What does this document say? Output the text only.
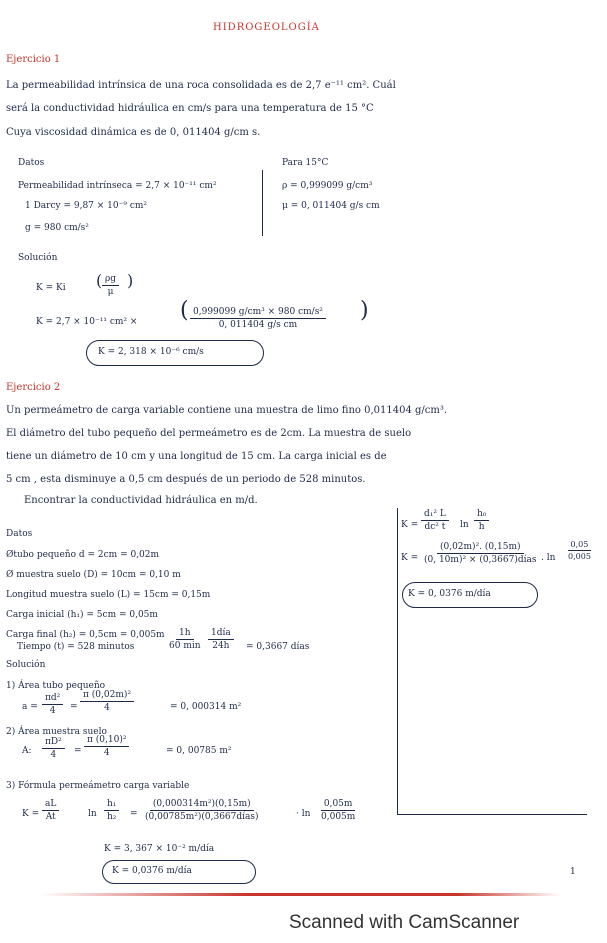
HIDROGEOLOGÍA
Ejercicio 1
La permeabilidad intrínsica de una roca consolidada es de 2,7 e⁻¹¹ cm². Cuál
será la conductividad hidráulica en cm/s para una temperatura de 15 °C
Cuya viscosidad dinámica es de 0, 011404 g/cm s.
Datos
Permeabilidad intrínseca = 2,7 × 10⁻¹¹ cm²
1 Darcy = 9,87 × 10⁻⁹ cm²
g = 980 cm/s²
Para 15°C
ρ = 0,999099 g/cm³
μ = 0, 011404 g/s cm
Solución
K = Ki ( $\frac{\rho g}{\mu}$ )
K = 2,7 × 10⁻¹¹ cm² × ( $\frac{\text{0,999099 g/cm³ × 980 cm/s²}}{\text{0, 011404 g/s cm}}$ )
K = 2, 318 × 10⁻⁶ cm/s
Ejercicio 2
Un permeámetro de carga variable contiene una muestra de limo fino 0,011404 g/cm³.
El diámetro del tubo pequeño del permeámetro es de 2cm. La muestra de suelo
tiene un diámetro de 10 cm y una longitud de 15 cm. La carga inicial es de
5 cm , esta disminuye a 0,5 cm después de un periodo de 528 minutos.
Encontrar la conductividad hidráulica en m/d.
$K = \frac{\text{d₁² L}}{\text{dc² t}}$ $\ln \frac{\text{h₀}}{h}$
K =
(0,02m)². (0,15m)
(0, 10m)² × (0,3667)días . $\ln \frac{0,05}{0,005}$
K = 0, 0376 m/día
Datos
Øtubo pequeño d = 2cm = 0,02m
Ø muestra suelo (D) = 10cm = 0,10 m
Longitud muestra suelo (L) = 15cm = 0,15m
Carga inicial (h₁) = 5cm = 0,05m
Carga final (h₂) = 0,5cm = 0,005m
Tiempo (t) = 528 minutos
1h
60 min
1día
24h	= 0,3667 días
Solución
1) Área tubo pequeño
$a = \frac{\text{πd²}}{4} = \frac{\text{π (0,02m)²}}{4}$	= 0, 000314 m²
2) Área muestra suelo
A: $\frac{\text{πD²}}{4} = \frac{\text{π (0,10)²}}{4}$	= 0, 00785 m²
3) Fórmula permeámetro carga variable
$K = \frac{aL}{At}$	$\ln \frac{\text{h₁}}{\text{h₂}}$ =
(0,000314m²)(0,15m)
(0,00785m²)(0,3667días)	· $\ln \frac{0,05m}{0,005m}$
K = 3, 367 × 10⁻² m/día
K = 0,0376 m/día	1
Scanned with CamScanner
